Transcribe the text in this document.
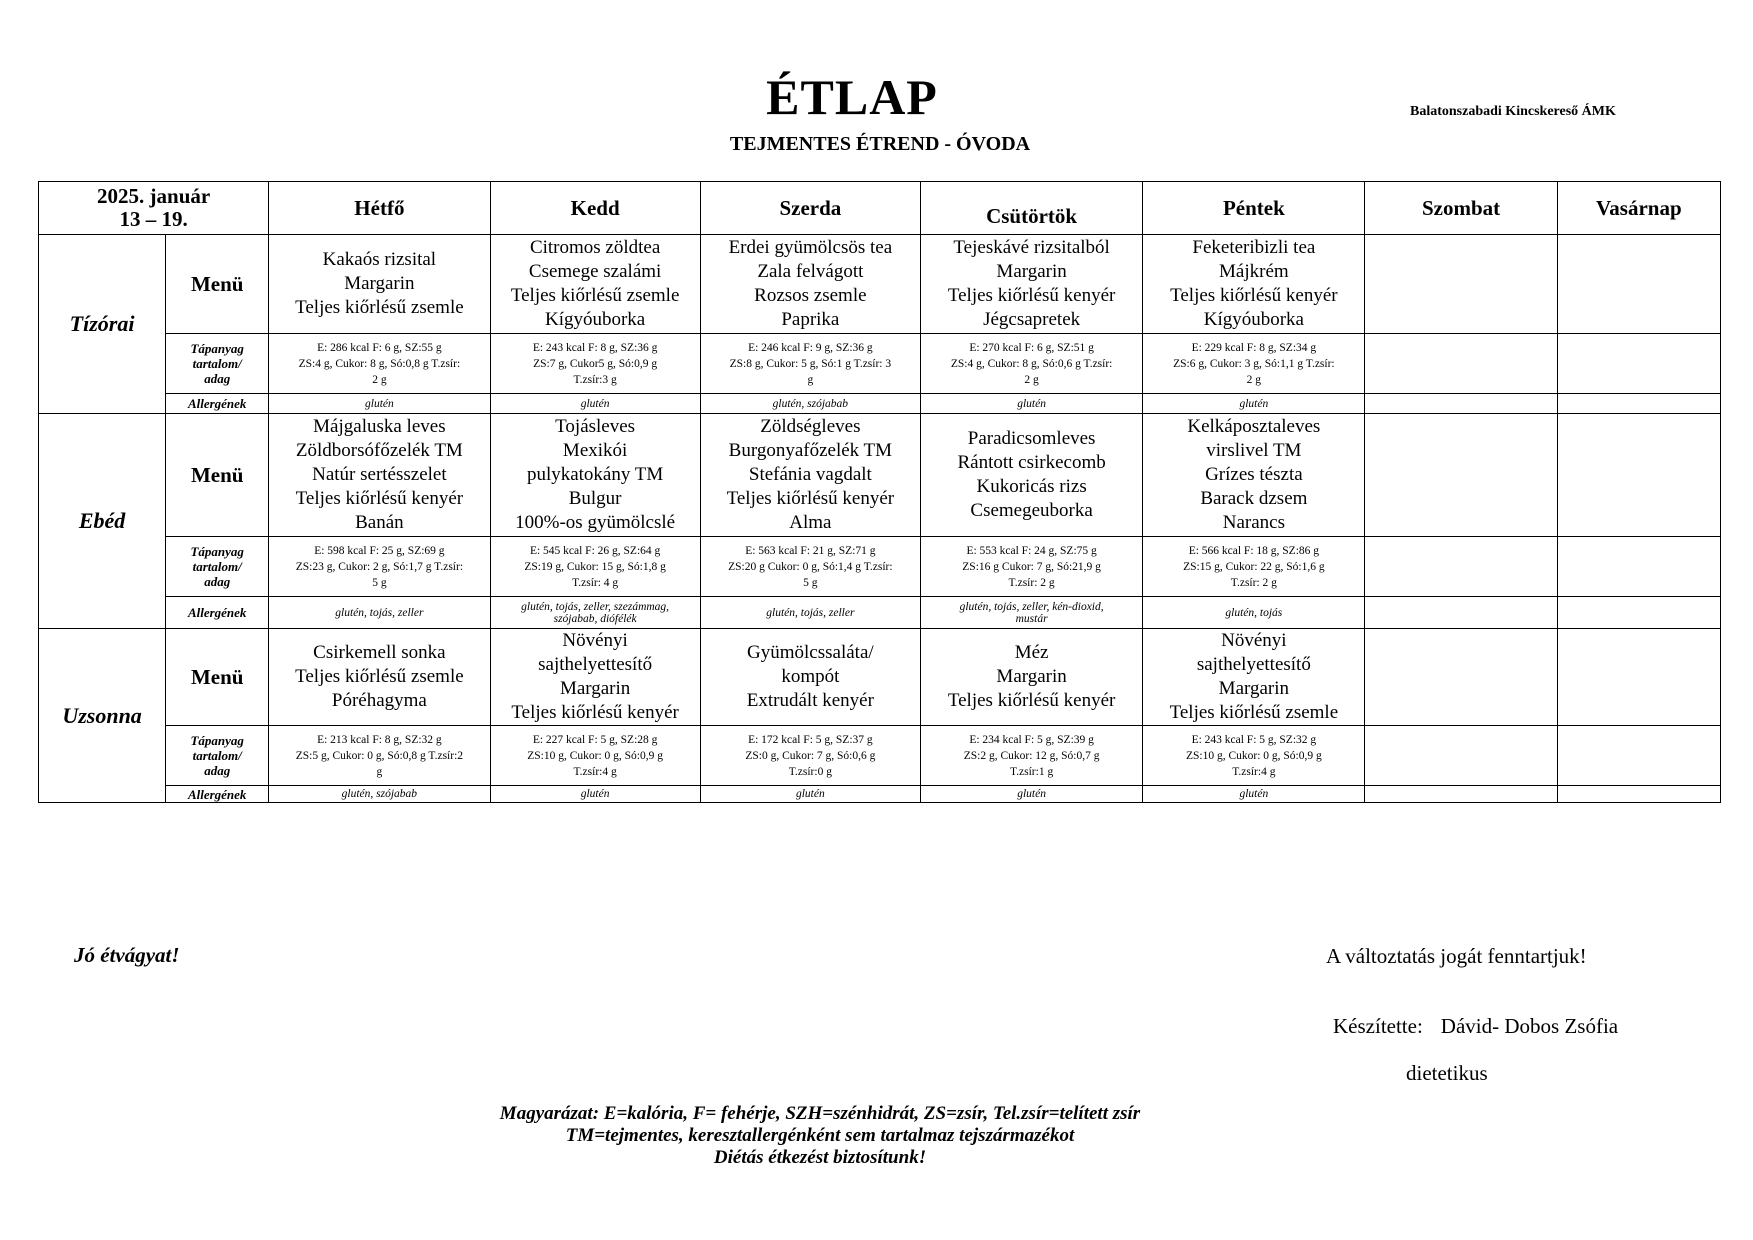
ÉTLAP
TEJMENTES ÉTREND - ÓVODA
Balatonszabadi Kincskereső ÁMK
2025. január
13 – 19.		Hétfő	Kedd	Szerda	Csütörtök	Péntek	Szombat	Vasárnap
Tízórai	Menü	Kakaós rizsital
Margarin
Teljes kiőrlésű zsemle	Citromos zöldtea
Csemege szalámi
Teljes kiőrlésű zsemle
Kígyóuborka	Erdei gyümölcsös tea
Zala felvágott
Rozsos zsemle
Paprika	Tejeskávé rizsitalból
Margarin
Teljes kiőrlésű kenyér
Jégcsapretek	Feketeribizli tea
Májkrém
Teljes kiőrlésű kenyér
Kígyóuborka		

	Tápanyag
tartalom/
adag	E: 286 kcal F: 6 g, SZ:55 g
ZS:4 g, Cukor: 8 g, Só:0,8 g T.zsír:
2 g	E: 243 kcal F: 8 g, SZ:36 g
ZS:7 g, Cukor5 g, Só:0,9 g
T.zsír:3 g	E: 246 kcal F: 9 g, SZ:36 g
ZS:8 g, Cukor: 5 g, Só:1 g T.zsír: 3
g	E: 270 kcal F: 6 g, SZ:51 g
ZS:4 g, Cukor: 8 g, Só:0,6 g T.zsír:
2 g	E: 229 kcal F: 8 g, SZ:34 g
ZS:6 g, Cukor: 3 g, Só:1,1 g T.zsír:
2 g		

	Allergének	glutén	glutén	glutén, szójabab	glutén	glutén		

Ebéd	Menü	Májgaluska leves
Zöldborsófőzelék TM
Natúr sertésszelet
Teljes kiőrlésű kenyér
Banán	Tojásleves
Mexikói
pulykatokány TM
Bulgur
100%-os gyümölcslé	Zöldségleves
Burgonyafőzelék TM
Stefánia vagdalt
Teljes kiőrlésű kenyér
Alma	Paradicsomleves
Rántott csirkecomb
Kukoricás rizs
Csemegeuborka	Kelkáposztaleves
virslivel TM
Grízes tészta
Barack dzsem
Narancs		

	Tápanyag
tartalom/
adag	E: 598 kcal F: 25 g, SZ:69 g
ZS:23 g, Cukor: 2 g, Só:1,7 g T.zsír:
5 g	E: 545 kcal F: 26 g, SZ:64 g
ZS:19 g, Cukor: 15 g, Só:1,8 g
T.zsír: 4 g	E: 563 kcal F: 21 g, SZ:71 g
ZS:20 g Cukor: 0 g, Só:1,4 g T.zsír:
5 g	E: 553 kcal F: 24 g, SZ:75 g
ZS:16 g Cukor: 7 g, Só:21,9 g
T.zsír: 2 g	E: 566 kcal F: 18 g, SZ:86 g
ZS:15 g, Cukor: 22 g, Só:1,6 g
T.zsír: 2 g		

	Allergének	glutén, tojás, zeller	glutén, tojás, zeller, szezámmag,
szójabab, diófélék	glutén, tojás, zeller	glutén, tojás, zeller, kén-dioxid,
mustár	glutén, tojás		

Uzsonna	Menü	Csirkemell sonka
Teljes kiőrlésű zsemle
Póréhagyma	Növényi
sajthelyettesítő
Margarin
Teljes kiőrlésű kenyér	Gyümölcssaláta/
kompót
Extrudált kenyér	Méz
Margarin
Teljes kiőrlésű kenyér	Növényi
sajthelyettesítő
Margarin
Teljes kiőrlésű zsemle		

	Tápanyag
tartalom/
adag	E: 213 kcal F: 8 g, SZ:32 g
ZS:5 g, Cukor: 0 g, Só:0,8 g T.zsír:2
g	E: 227 kcal F: 5 g, SZ:28 g
ZS:10 g, Cukor: 0 g, Só:0,9 g
T.zsír:4 g	E: 172 kcal F: 5 g, SZ:37 g
ZS:0 g, Cukor: 7 g, Só:0,6 g
T.zsír:0 g	E: 234 kcal F: 5 g, SZ:39 g
ZS:2 g, Cukor: 12 g, Só:0,7 g
T.zsír:1 g	E: 243 kcal F: 5 g, SZ:32 g
ZS:10 g, Cukor: 0 g, Só:0,9 g
T.zsír:4 g		

	Allergének	glutén, szójabab	glutén	glutén	glutén	glutén		

Jó étvágyat!	A változtatás jogát fenntartjuk!
Készítette: Dávid- Dobos Zsófia
dietetikus
Magyarázat: E=kalória, F= fehérje, SZH=szénhidrát, ZS=zsír, Tel.zsír=telített zsír
TM=tejmentes, keresztallergénként sem tartalmaz tejszármazékot
Diétás étkezést biztosítunk!
